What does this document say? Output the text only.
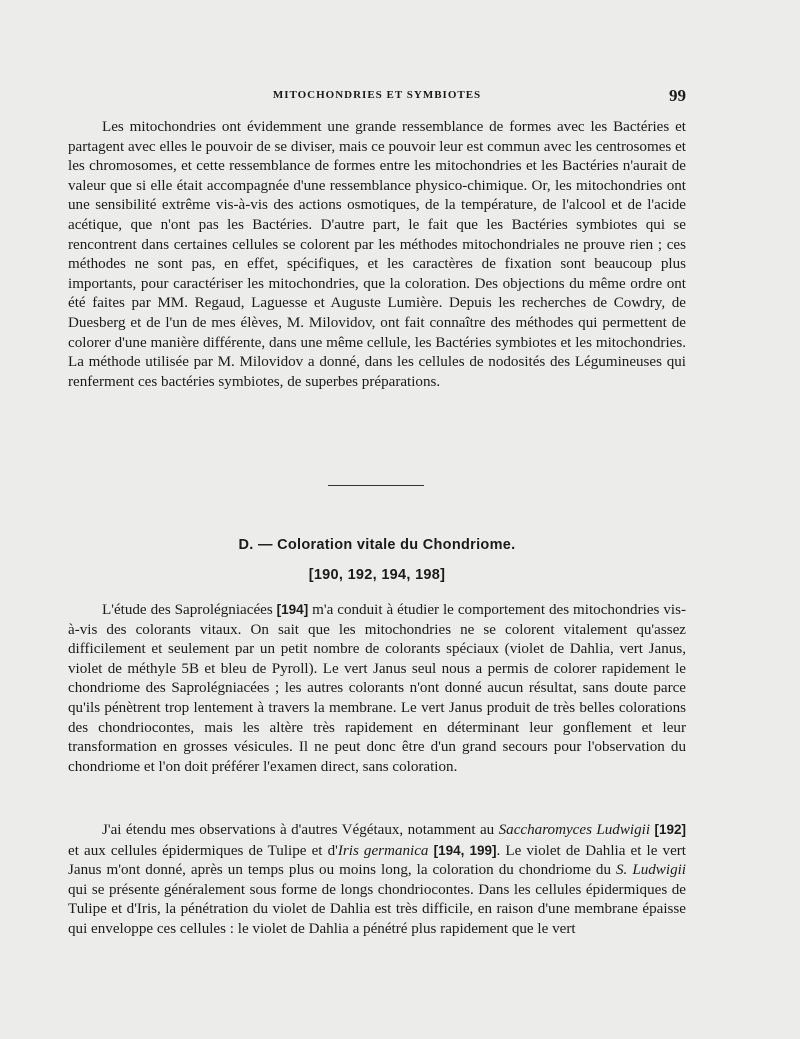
MITOCHONDRIES ET SYMBIOTES	99

Les mitochondries ont évidemment une grande ressemblance de formes avec les Bactéries et partagent avec elles le pouvoir de se diviser, mais ce pouvoir leur est commun avec les centrosomes et les chromosomes, et cette ressemblance de formes entre les mitochondries et les Bactéries n'aurait de valeur que si elle était accompagnée d'une ressemblance physico-chimique. Or, les mitochondries ont une sensibilité extrême vis-à-vis des actions osmotiques, de la température, de l'alcool et de l'acide acétique, que n'ont pas les Bactéries. D'autre part, le fait que les Bactéries symbiotes qui se rencontrent dans certaines cellules se colorent par les méthodes mitochondriales ne prouve rien ; ces méthodes ne sont pas, en effet, spécifiques, et les caractères de fixation sont beaucoup plus importants, pour caractériser les mitochondries, que la coloration. Des objections du même ordre ont été faites par MM. Regaud, Laguesse et Auguste Lumière. Depuis les recherches de Cowdry, de Duesberg et de l'un de mes élèves, M. Milovidov, ont fait connaître des méthodes qui permettent de colorer d'une manière différente, dans une même cellule, les Bactéries symbiotes et les mitochondries. La méthode utilisée par M. Milovidov a donné, dans les cellules de nodosités des Légumineuses qui renferment ces bactéries symbiotes, de superbes préparations.

D. — Coloration vitale du Chondriome.
[190, 192, 194, 198]

L'étude des Saprolégniacées [194] m'a conduit à étudier le comportement des mitochondries vis-à-vis des colorants vitaux. On sait que les mitochondries ne se colorent vitalement qu'assez difficilement et seulement par un petit nombre de colorants spéciaux (violet de Dahlia, vert Janus, violet de méthyle 5B et bleu de Pyroll). Le vert Janus seul nous a permis de colorer rapidement le chondriome des Saprolégniacées ; les autres colorants n'ont donné aucun résultat, sans doute parce qu'ils pénètrent trop lentement à travers la membrane. Le vert Janus produit de très belles colorations des chondriocontes, mais les altère très rapidement en déterminant leur gonflement et leur transformation en grosses vésicules. Il ne peut donc être d'un grand secours pour l'observation du chondriome et l'on doit préférer l'examen direct, sans coloration.

J'ai étendu mes observations à d'autres Végétaux, notamment au Saccharomyces Ludwigii [192] et aux cellules épidermiques de Tulipe et d'Iris germanica [194, 199]. Le violet de Dahlia et le vert Janus m'ont donné, après un temps plus ou moins long, la coloration du chondriome du S. Ludwigii qui se présente généralement sous forme de longs chondriocontes. Dans les cellules épidermiques de Tulipe et d'Iris, la pénétration du violet de Dahlia est très difficile, en raison d'une membrane épaisse qui enveloppe ces cellules : le violet de Dahlia a pénétré plus rapidement que le vert
